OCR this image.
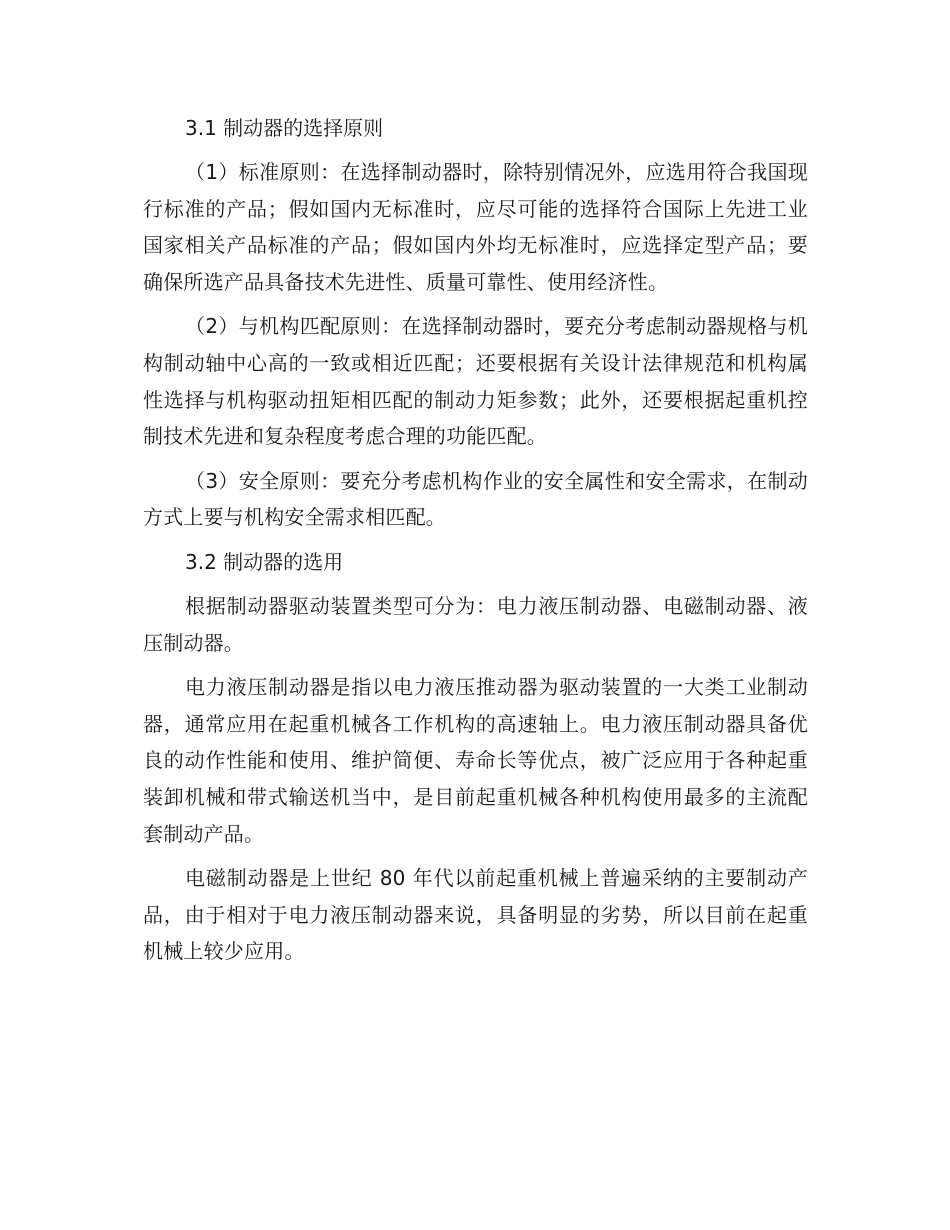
3.1 制动器的选择原则

（1）标准原则：在选择制动器时，除特别情况外，应选用符合我国现行标准的产品；假如国内无标准时，应尽可能的选择符合国际上先进工业国家相关产品标准的产品；假如国内外均无标准时，应选择定型产品；要确保所选产品具备技术先进性、质量可靠性、使用经济性。

（2）与机构匹配原则：在选择制动器时，要充分考虑制动器规格与机构制动轴中心高的一致或相近匹配；还要根据有关设计法律规范和机构属性选择与机构驱动扭矩相匹配的制动力矩参数；此外，还要根据起重机控制技术先进和复杂程度考虑合理的功能匹配。

（3）安全原则：要充分考虑机构作业的安全属性和安全需求，在制动方式上要与机构安全需求相匹配。

3.2 制动器的选用

根据制动器驱动装置类型可分为：电力液压制动器、电磁制动器、液压制动器。

电力液压制动器是指以电力液压推动器为驱动装置的一大类工业制动器，通常应用在起重机械各工作机构的高速轴上。电力液压制动器具备优良的动作性能和使用、维护简便、寿命长等优点，被广泛应用于各种起重装卸机械和带式输送机当中，是目前起重机械各种机构使用最多的主流配套制动产品。

电磁制动器是上世纪 80 年代以前起重机械上普遍采纳的主要制动产品，由于相对于电力液压制动器来说，具备明显的劣势，所以目前在起重机械上较少应用。
